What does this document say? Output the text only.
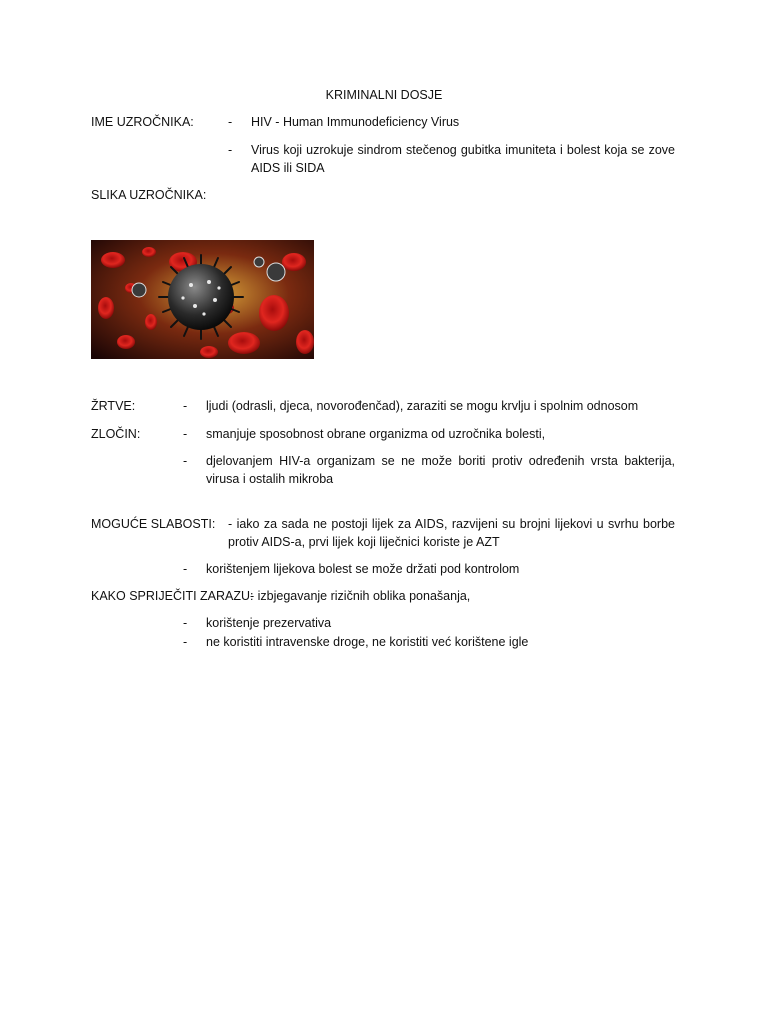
KRIMINALNI DOSJE
IME UZROČNIKA:	- HIV - Human Immunodeficiency Virus
- Virus koji uzrokuje sindrom stečenog gubitka imuniteta i bolest koja se zove AIDS ili SIDA
SLIKA UZROČNIKA:
ŽRTVE:	- ljudi (odrasli, djeca, novorođenčad), zaraziti se mogu krvlju i spolnim odnosom
ZLOČIN:	- smanjuje sposobnost obrane organizma od uzročnika bolesti,
- djelovanjem HIV-a organizam se ne može boriti protiv određenih vrsta bakterija, virusa i ostalih mikroba
MOGUĆE SLABOSTI: - iako za sada ne postoji lijek za AIDS, razvijeni su brojni lijekovi u svrhu borbe protiv AIDS-a, prvi lijek koji liječnici koriste je AZT
- korištenjem lijekova bolest se može držati pod kontrolom
KAKO SPRIJEČITI ZARAZU:
- izbjegavanje rizičnih oblika ponašanja,
- korištenje prezervativa
- ne koristiti intravenske droge, ne koristiti već korištene igle
